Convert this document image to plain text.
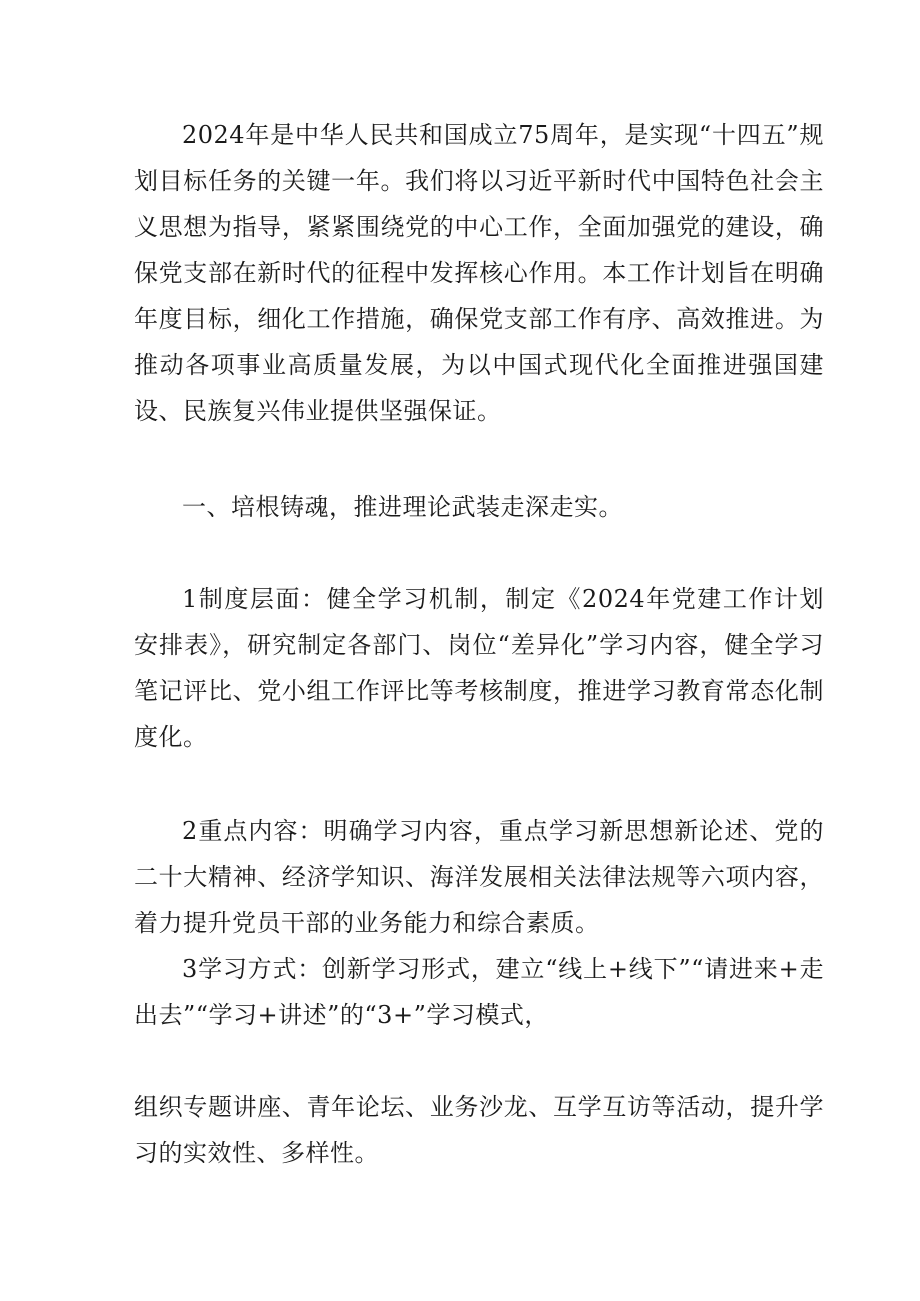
2024年是中华人民共和国成立75周年，是实现“十四五”规划目标任务的关键一年。我们将以习近平新时代中国特色社会主义思想为指导，紧紧围绕党的中心工作，全面加强党的建设，确保党支部在新时代的征程中发挥核心作用。本工作计划旨在明确年度目标，细化工作措施，确保党支部工作有序、高效推进。为推动各项事业高质量发展，为以中国式现代化全面推进强国建设、民族复兴伟业提供坚强保证。

一、培根铸魂，推进理论武装走深走实。

1制度层面：健全学习机制，制定《2024年党建工作计划安排表》，研究制定各部门、岗位“差异化”学习内容，健全学习笔记评比、党小组工作评比等考核制度，推进学习教育常态化制度化。

2重点内容：明确学习内容，重点学习新思想新论述、党的二十大精神、经济学知识、海洋发展相关法律法规等六项内容，着力提升党员干部的业务能力和综合素质。

3学习方式：创新学习形式，建立“线上+线下”“请进来+走出去”“学习+讲述”的“3+”学习模式，

组织专题讲座、青年论坛、业务沙龙、互学互访等活动，提升学习的实效性、多样性。
